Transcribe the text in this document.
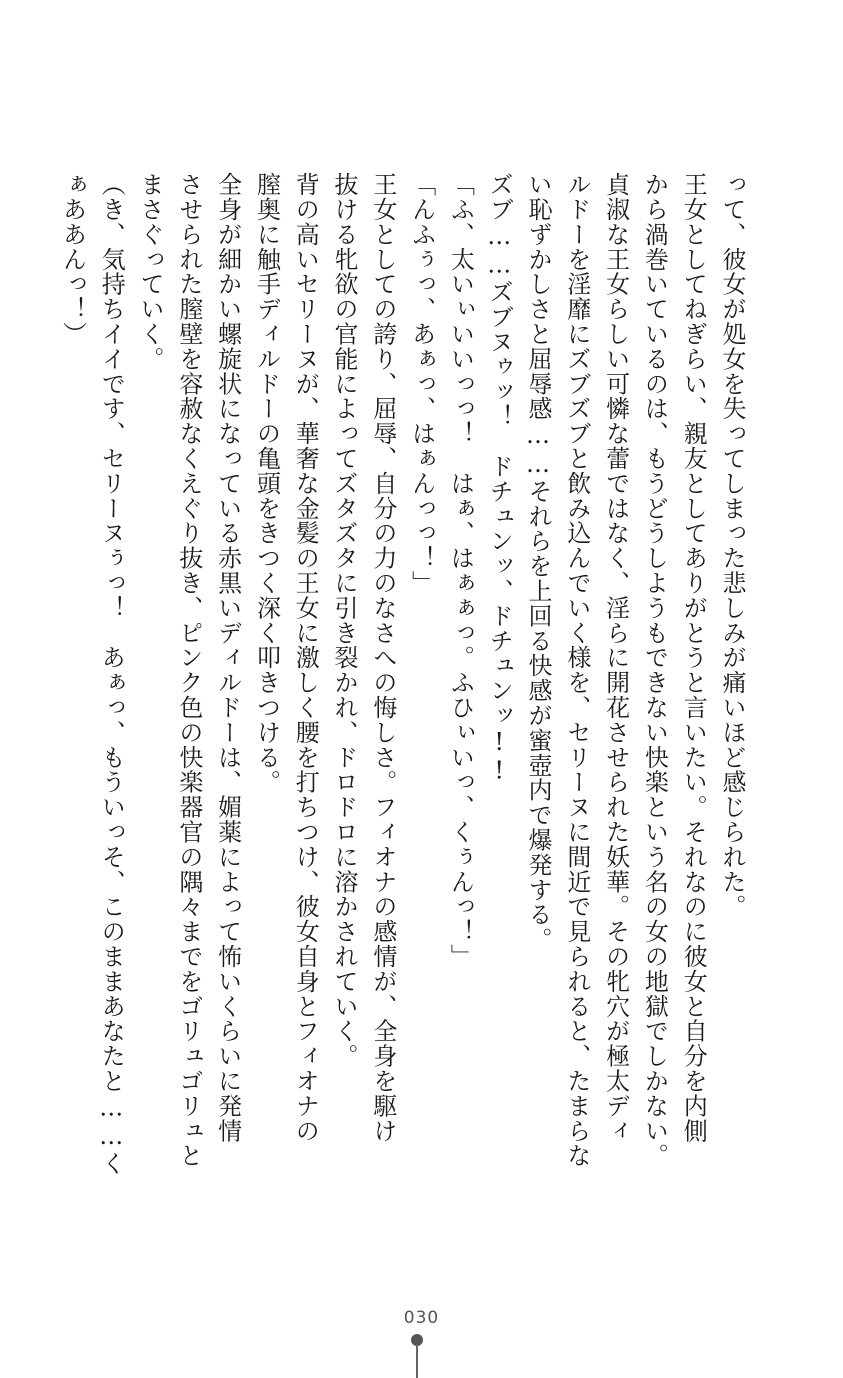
って、彼女が処女を失ってしまった悲しみが痛いほど感じられた。
王女としてねぎらい、親友としてありがとうと言いたい。それなのに彼女と自分を内側
から渦巻いているのは、もうどうしようもできない快楽という名の女の地獄でしかない。
貞淑な王女らしい可憐な蕾ではなく、淫らに開花させられた妖華。その牝穴が極太ディ
ルドーを淫靡にズブズブと飲み込んでいく様を、セリーヌに間近で見られると、たまらな
い恥ずかしさと屈辱感……それらを上回る快感が蜜壺内で爆発する。
ズブ……ズブヌゥッ！　ドチュンッ、ドチュンッ!!
「ふ、太いぃいいっっ！　はぁ、はぁぁっ。ふひぃいっ、くぅんっ！」
「んふぅっ、あぁっ、はぁんっっ！」
王女としての誇り、屈辱、自分の力のなさへの悔しさ。フィオナの感情が、全身を駆け
抜ける牝欲の官能によってズタズタに引き裂かれ、ドロドロに溶かされていく。
背の高いセリーヌが、華奢な金髪の王女に激しく腰を打ちつけ、彼女自身とフィオナの
膣奥に触手ディルドーの亀頭をきつく深く叩きつける。
全身が細かい螺旋状になっている赤黒いディルドーは、媚薬によって怖いくらいに発情
させられた膣壁を容赦なくえぐり抜き、ピンク色の快楽器官の隅々までをゴリュゴリュと
まさぐっていく。
（き、気持ちイイです、セリーヌぅっ！　あぁっ、もういっそ、このままあなたと……く
ぁああんっ！）
030
